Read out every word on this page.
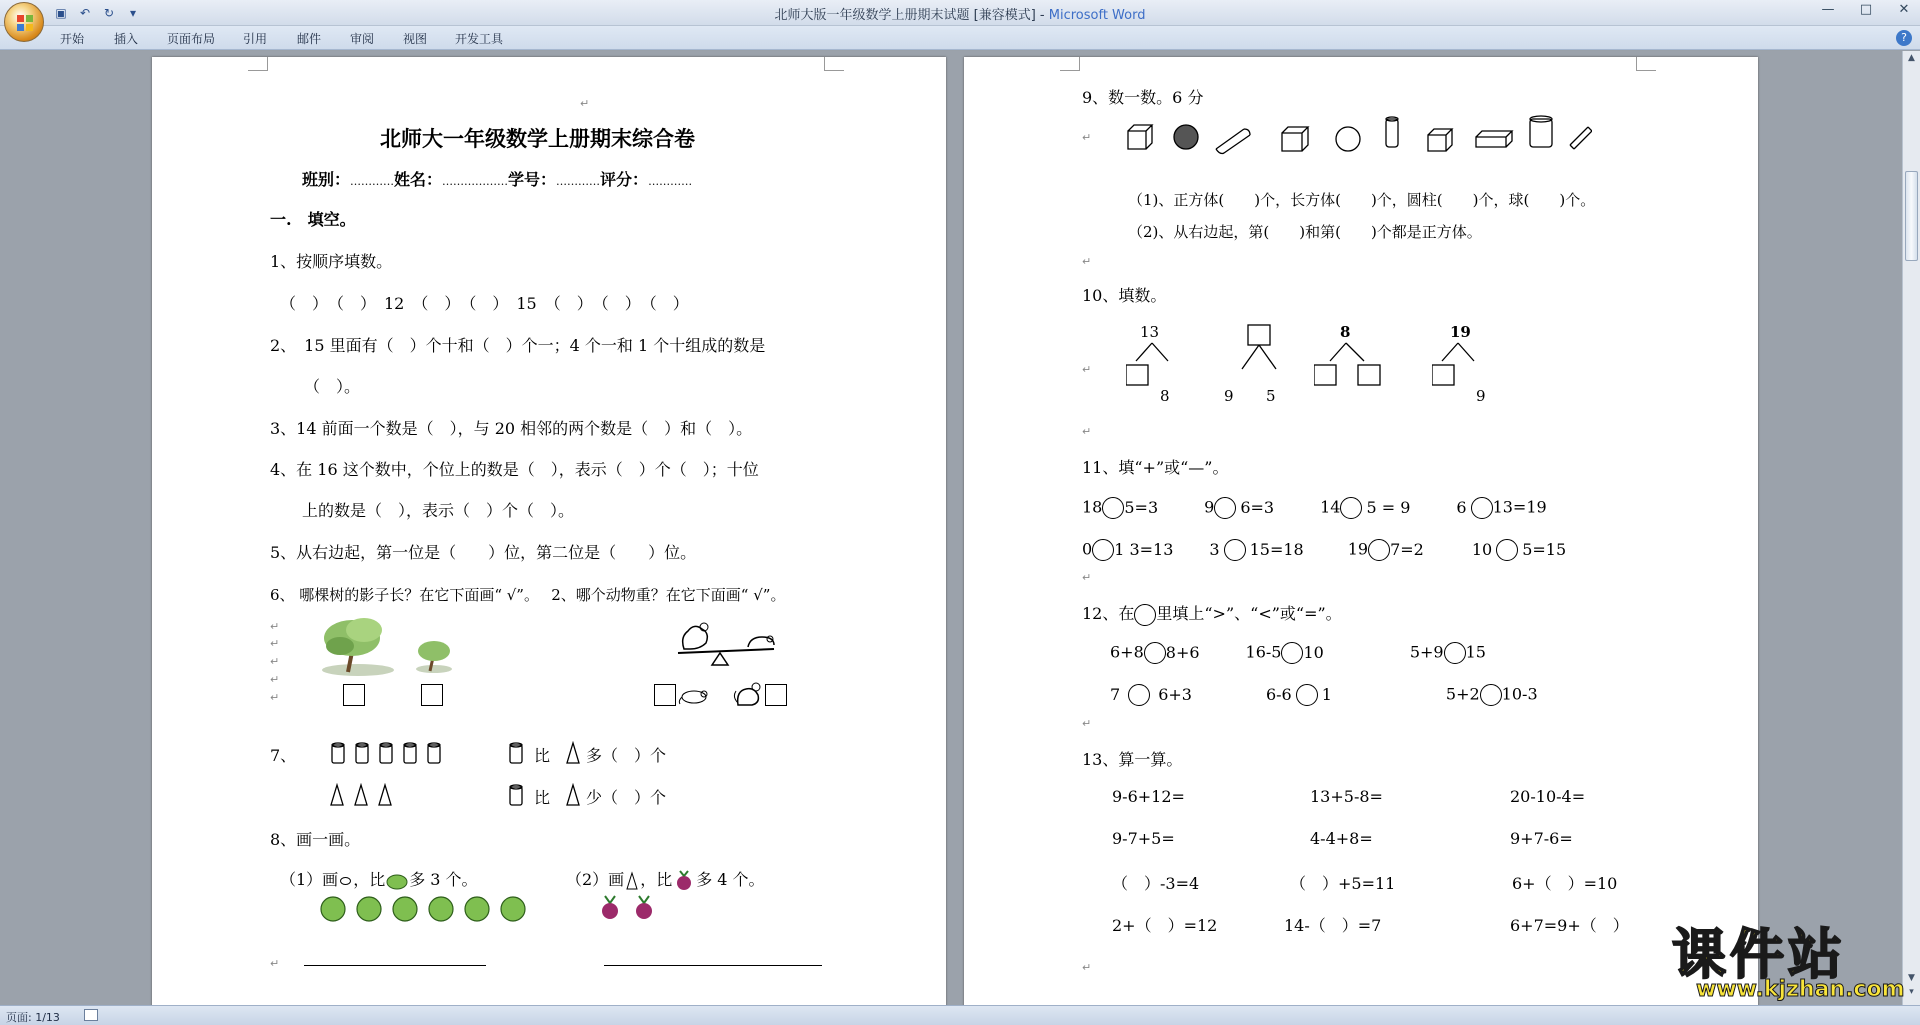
▣	↶	↻	▾	北师大版一年级数学上册期末试题 [兼容模式] - Microsoft Word	— □	✕
开始 插入 页面布局 引用 邮件 审阅 视图 开发工具	?
↵
北师大一年级数学上册期末综合卷
班别：…………姓名：………………学号：…………评分：…………
一.　填空。
1、按顺序填数。
（　）　（　）　12　（　）　（　）　15　（　）　（　）　（　）
2、　15 里面有（　）个十和（　）个一；4 个一和 1 个十组成的数是
（　）。
3、14 前面一个数是（　），与 20 相邻的两个数是（　）和（　）。
4、在 16 这个数中，个位上的数是（　），表示（　）个（　）；十位
上的数是（　），表示（　）个（　）。
5、从右边起，第一位是（　　）位，第二位是（　　）位。
6、 哪棵树的影子长？在它下面画“ √”。　 2、哪个动物重？在它下面画“ √”。
↵
↵
↵
↵
↵
7、	比 多（　）个
比 少（　）个
8、画一画。
（1）画 ，比 多 3 个。	（2）画 ，比 多 4 个。
↵
9、数一数。6 分
↵
（1)、正方体(　　)个，长方体(　　)个，圆柱(　　)个，球(　　)个。
（2)、从右边起，第(　　)和第(　　)个都是正方体。
↵
10、填数。
13
8	9 5
8	19
9
↵
↵
11、填“+”或“—”。
18 5=3	9 6=3	14 5 = 9	6 13=19
0 1 3=13 3 15=18	19 7=2	10 5=15
↵
12、在 里填上“>”、“<”或“=”。
6+8 8+6	16-5 10	5+9 15
7 6+3	6-6 1	5+2 10-3
↵
13、算一算。
9-6+12=	13+5-8=	20-10-4=
9-7+5=	4-4+8=	9+7-6=
（　）-3=4	（　）+5=11	6+（　）=10
2+（　）=12	14-（　）=7	6+7=9+（　）
↵
▲
▼
▾
页面: 1/13
课件站
www.kjzhan.com
